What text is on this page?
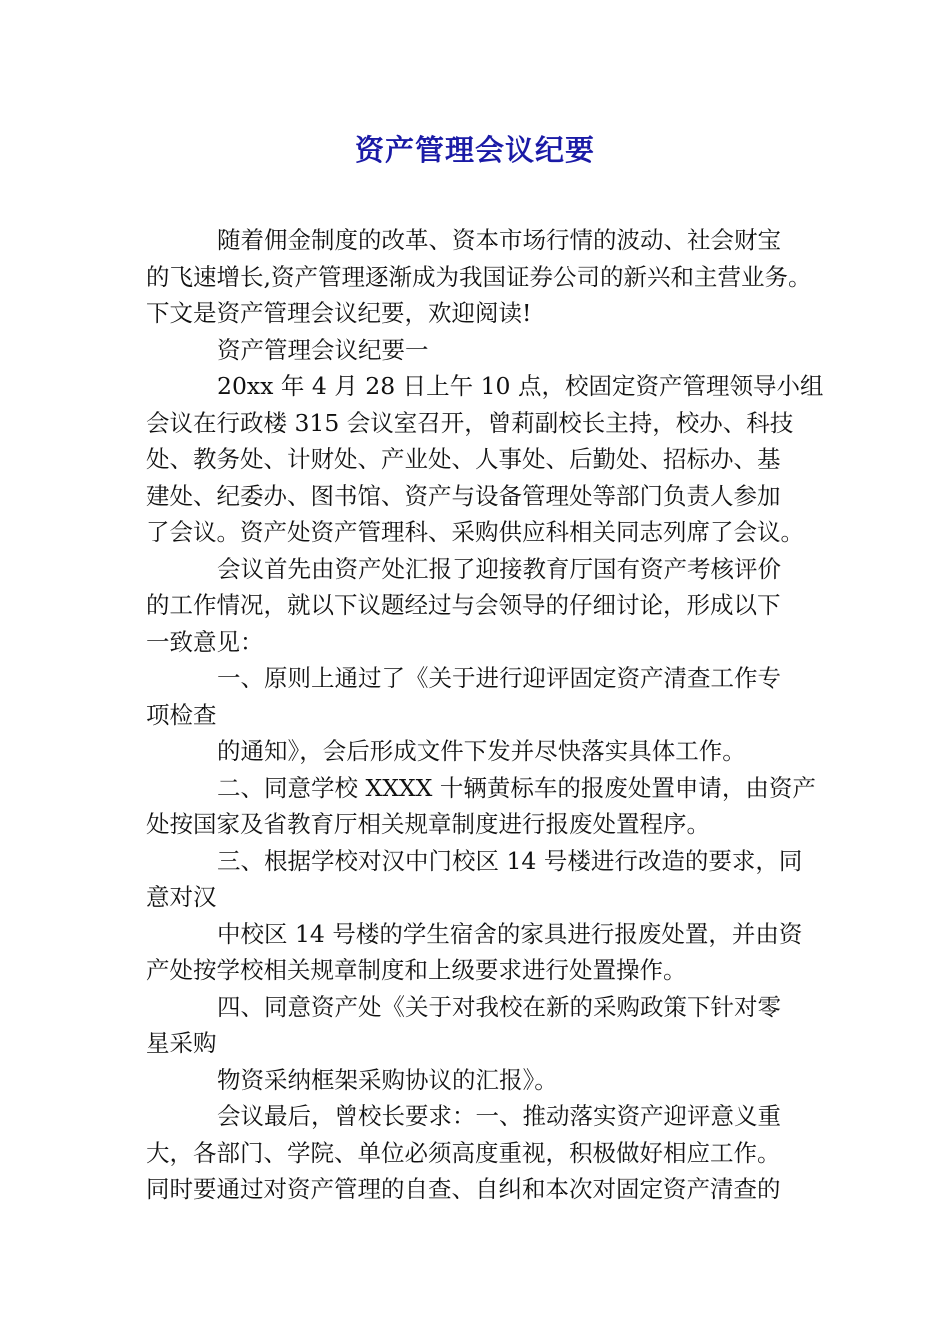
资产管理会议纪要
随着佣金制度的改革、资本市场行情的波动、社会财宝
的飞速增长,资产管理逐渐成为我国证券公司的新兴和主营业务。
下文是资产管理会议纪要，欢迎阅读!
资产管理会议纪要一
20xx 年 4 月 28 日上午 10 点，校固定资产管理领导小组
会议在行政楼 315 会议室召开，曾莉副校长主持，校办、科技
处、教务处、计财处、产业处、人事处、后勤处、招标办、基
建处、纪委办、图书馆、资产与设备管理处等部门负责人参加
了会议。资产处资产管理科、采购供应科相关同志列席了会议。
会议首先由资产处汇报了迎接教育厅国有资产考核评价
的工作情况，就以下议题经过与会领导的仔细讨论，形成以下
一致意见：
一、原则上通过了《关于进行迎评固定资产清查工作专
项检查
的通知》，会后形成文件下发并尽快落实具体工作。
二、同意学校 XXXX 十辆黄标车的报废处置申请，由资产
处按国家及省教育厅相关规章制度进行报废处置程序。
三、根据学校对汉中门校区 14 号楼进行改造的要求，同
意对汉
中校区 14 号楼的学生宿舍的家具进行报废处置，并由资
产处按学校相关规章制度和上级要求进行处置操作。
四、同意资产处《关于对我校在新的采购政策下针对零
星采购
物资采纳框架采购协议的汇报》。
会议最后，曾校长要求：一、推动落实资产迎评意义重
大，各部门、学院、单位必须高度重视，积极做好相应工作。
同时要通过对资产管理的自查、自纠和本次对固定资产清查的
